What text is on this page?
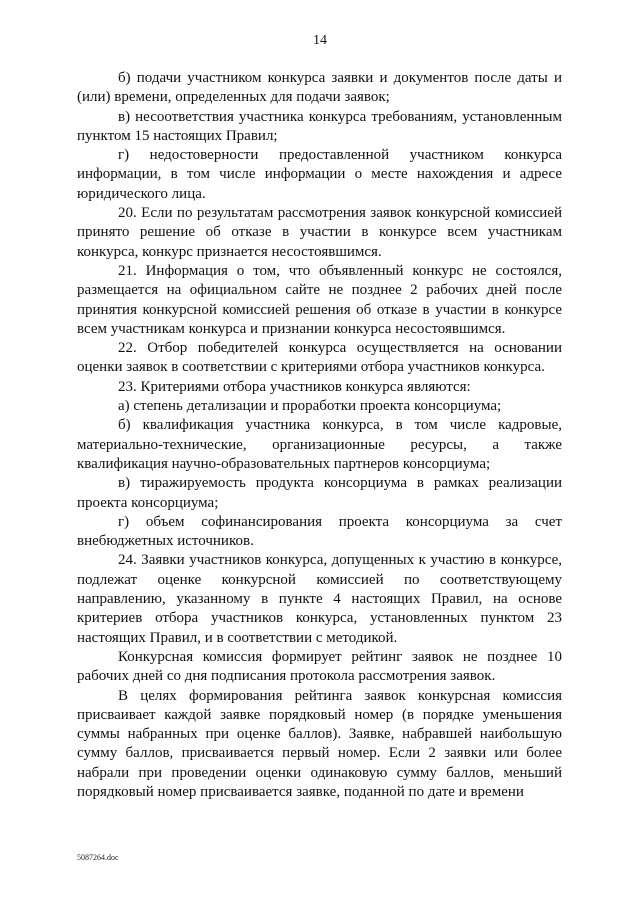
14

б) подачи участником конкурса заявки и документов после даты и (или) времени, определенных для подачи заявок;

в) несоответствия участника конкурса требованиям, установленным пунктом 15 настоящих Правил;

г) недостоверности предоставленной участником конкурса информации, в том числе информации о месте нахождения и адресе юридического лица.

20. Если по результатам рассмотрения заявок конкурсной комиссией принято решение об отказе в участии в конкурсе всем участникам конкурса, конкурс признается несостоявшимся.

21. Информация о том, что объявленный конкурс не состоялся, размещается на официальном сайте не позднее 2 рабочих дней после принятия конкурсной комиссией решения об отказе в участии в конкурсе всем участникам конкурса и признании конкурса несостоявшимся.

22. Отбор победителей конкурса осуществляется на основании оценки заявок в соответствии с критериями отбора участников конкурса.

23. Критериями отбора участников конкурса являются:

а) степень детализации и проработки проекта консорциума;

б) квалификация участника конкурса, в том числе кадровые, материально-технические, организационные ресурсы, а также квалификация научно-образовательных партнеров консорциума;

в) тиражируемость продукта консорциума в рамках реализации проекта консорциума;

г) объем софинансирования проекта консорциума за счет внебюджетных источников.

24. Заявки участников конкурса, допущенных к участию в конкурсе, подлежат оценке конкурсной комиссией по соответствующему направлению, указанному в пункте 4 настоящих Правил, на основе критериев отбора участников конкурса, установленных пунктом 23 настоящих Правил, и в соответствии с методикой.

Конкурсная комиссия формирует рейтинг заявок не позднее 10 рабочих дней со дня подписания протокола рассмотрения заявок.

В целях формирования рейтинга заявок конкурсная комиссия присваивает каждой заявке порядковый номер (в порядке уменьшения суммы набранных при оценке баллов). Заявке, набравшей наибольшую сумму баллов, присваивается первый номер. Если 2 заявки или более набрали при проведении оценки одинаковую сумму баллов, меньший порядковый номер присваивается заявке, поданной по дате и времени

5087264.doc
